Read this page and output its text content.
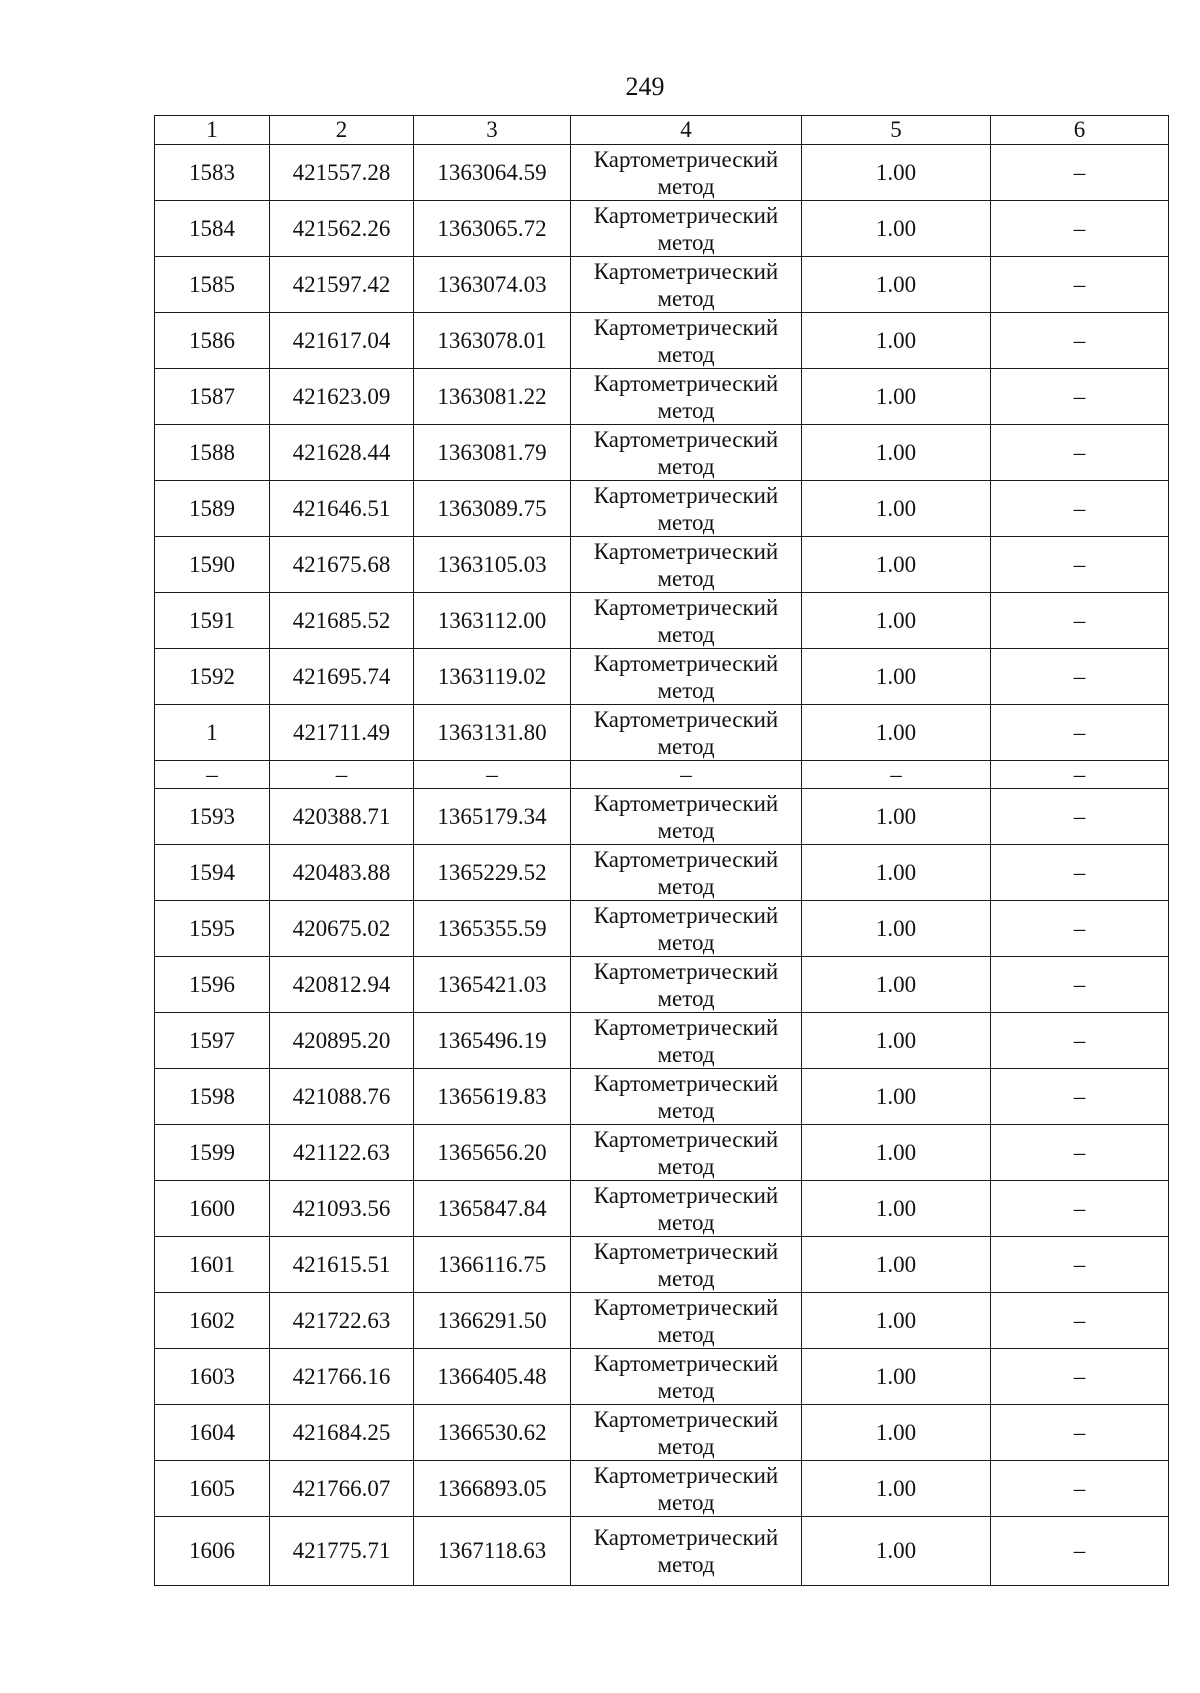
249
1	2	3	4	5	6
1583	421557.28	1363064.59	Картометрический метод	1.00	–
1584	421562.26	1363065.72	Картометрический метод	1.00	–
1585	421597.42	1363074.03	Картометрический метод	1.00	–
1586	421617.04	1363078.01	Картометрический метод	1.00	–
1587	421623.09	1363081.22	Картометрический метод	1.00	–
1588	421628.44	1363081.79	Картометрический метод	1.00	–
1589	421646.51	1363089.75	Картометрический метод	1.00	–
1590	421675.68	1363105.03	Картометрический метод	1.00	–
1591	421685.52	1363112.00	Картометрический метод	1.00	–
1592	421695.74	1363119.02	Картометрический метод	1.00	–
1	421711.49	1363131.80	Картометрический метод	1.00	–
–	–	–	–	–	–
1593	420388.71	1365179.34	Картометрический метод	1.00	–
1594	420483.88	1365229.52	Картометрический метод	1.00	–
1595	420675.02	1365355.59	Картометрический метод	1.00	–
1596	420812.94	1365421.03	Картометрический метод	1.00	–
1597	420895.20	1365496.19	Картометрический метод	1.00	–
1598	421088.76	1365619.83	Картометрический метод	1.00	–
1599	421122.63	1365656.20	Картометрический метод	1.00	–
1600	421093.56	1365847.84	Картометрический метод	1.00	–
1601	421615.51	1366116.75	Картометрический метод	1.00	–
1602	421722.63	1366291.50	Картометрический метод	1.00	–
1603	421766.16	1366405.48	Картометрический метод	1.00	–
1604	421684.25	1366530.62	Картометрический метод	1.00	–
1605	421766.07	1366893.05	Картометрический метод	1.00	–
1606	421775.71	1367118.63	Картометрический метод	1.00	–
